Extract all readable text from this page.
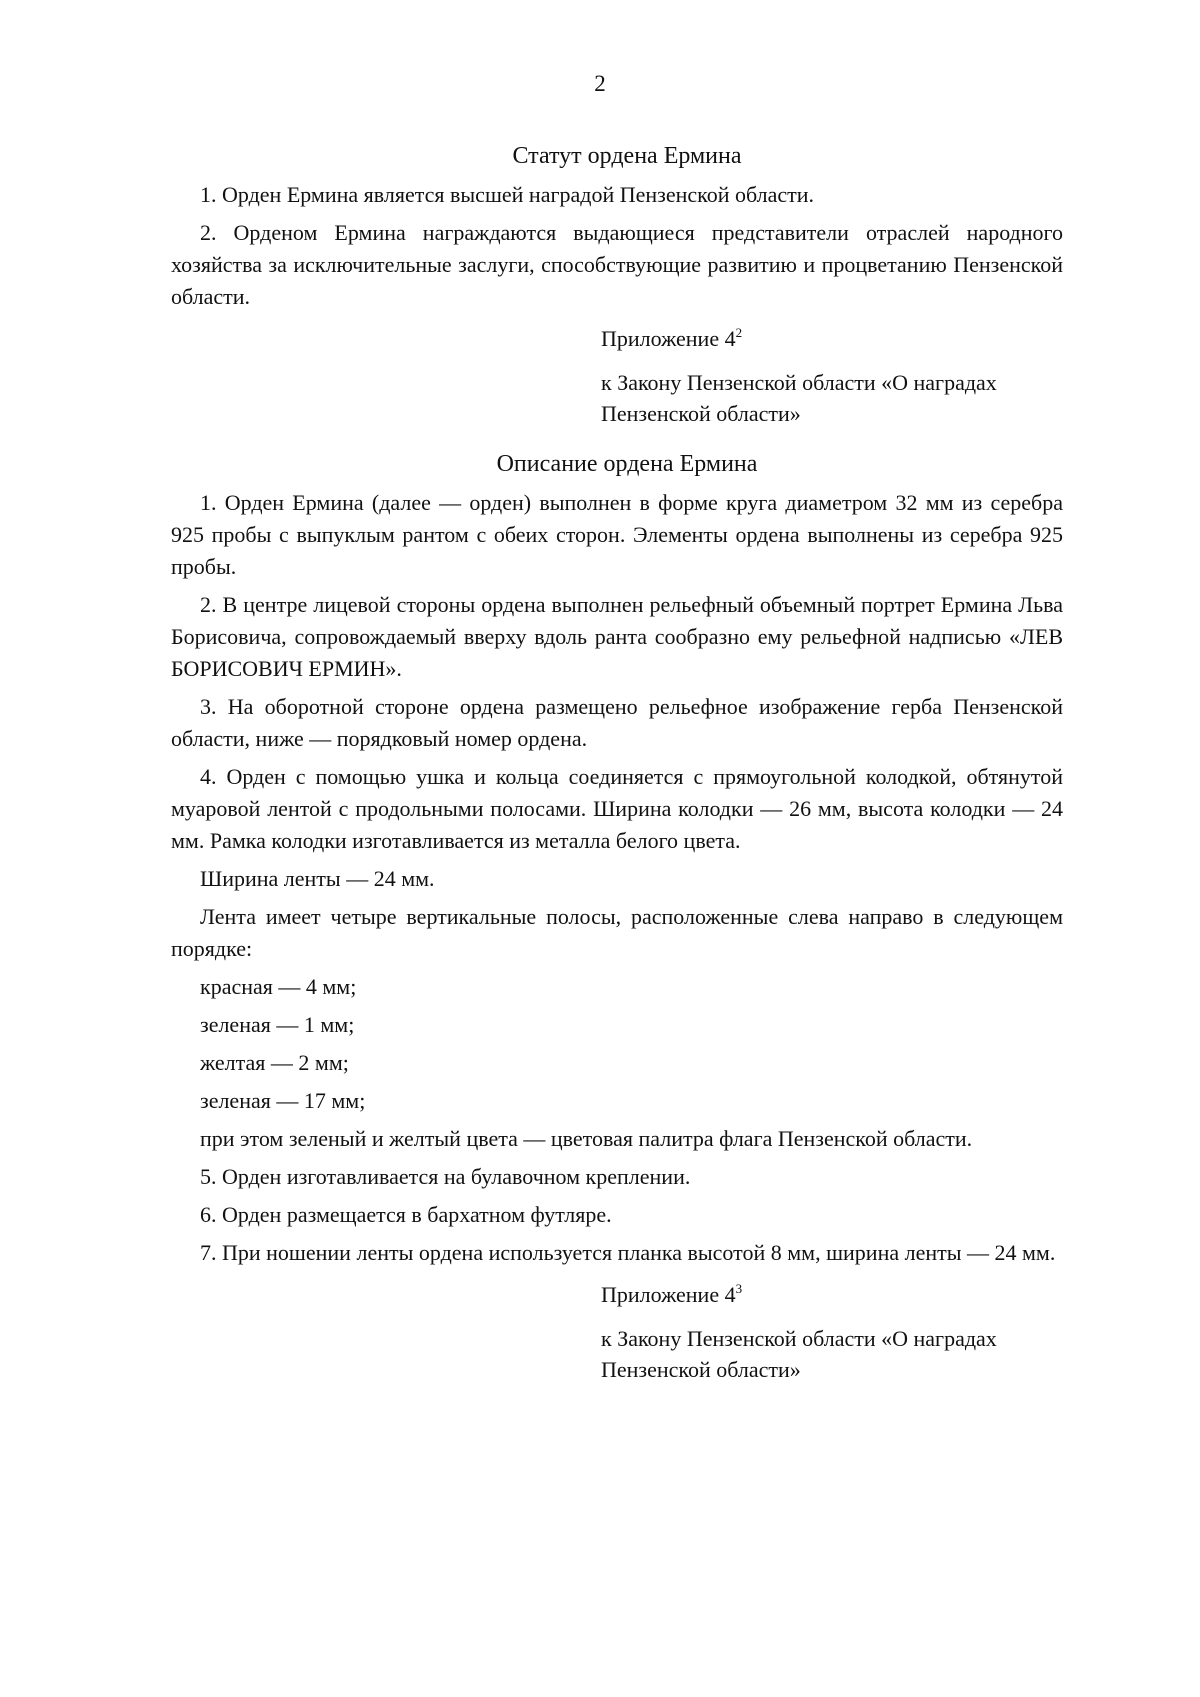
2
Статут ордена Ермина
1. Орден Ермина является высшей наградой Пензенской области.
2. Орденом Ермина награждаются выдающиеся представители отраслей народного хозяйства за исключительные заслуги, способствующие развитию и процветанию Пензенской области.
Приложение $4^2$
к Закону Пензенской области «О наградах
Пензенской области»
Описание ордена Ермина
1. Орден Ермина (далее — орден) выполнен в форме круга диаметром 32 мм из серебра 925 пробы с выпуклым рантом с обеих сторон. Элементы ордена выполнены из серебра 925 пробы.
2. В центре лицевой стороны ордена выполнен рельефный объемный портрет Ермина Льва Борисовича, сопровождаемый вверху вдоль ранта сообразно ему рельефной надписью «ЛЕВ БОРИСОВИЧ ЕРМИН».
3. На оборотной стороне ордена размещено рельефное изображение герба Пензенской области, ниже — порядковый номер ордена.
4. Орден с помощью ушка и кольца соединяется с прямоугольной колодкой, обтянутой муаровой лентой с продольными полосами. Ширина колодки — 26 мм, высота колодки — 24 мм. Рамка колодки изготавливается из металла белого цвета.
Ширина ленты — 24 мм.
Лента имеет четыре вертикальные полосы, расположенные слева направо в следующем порядке:
красная — 4 мм;
зеленая — 1 мм;
желтая — 2 мм;
зеленая — 17 мм;
при этом зеленый и желтый цвета — цветовая палитра флага Пензенской области.
5. Орден изготавливается на булавочном креплении.
6. Орден размещается в бархатном футляре.
7. При ношении ленты ордена используется планка высотой 8 мм, ширина ленты — 24 мм.
Приложение $4^3$
к Закону Пензенской области «О наградах
Пензенской области»
